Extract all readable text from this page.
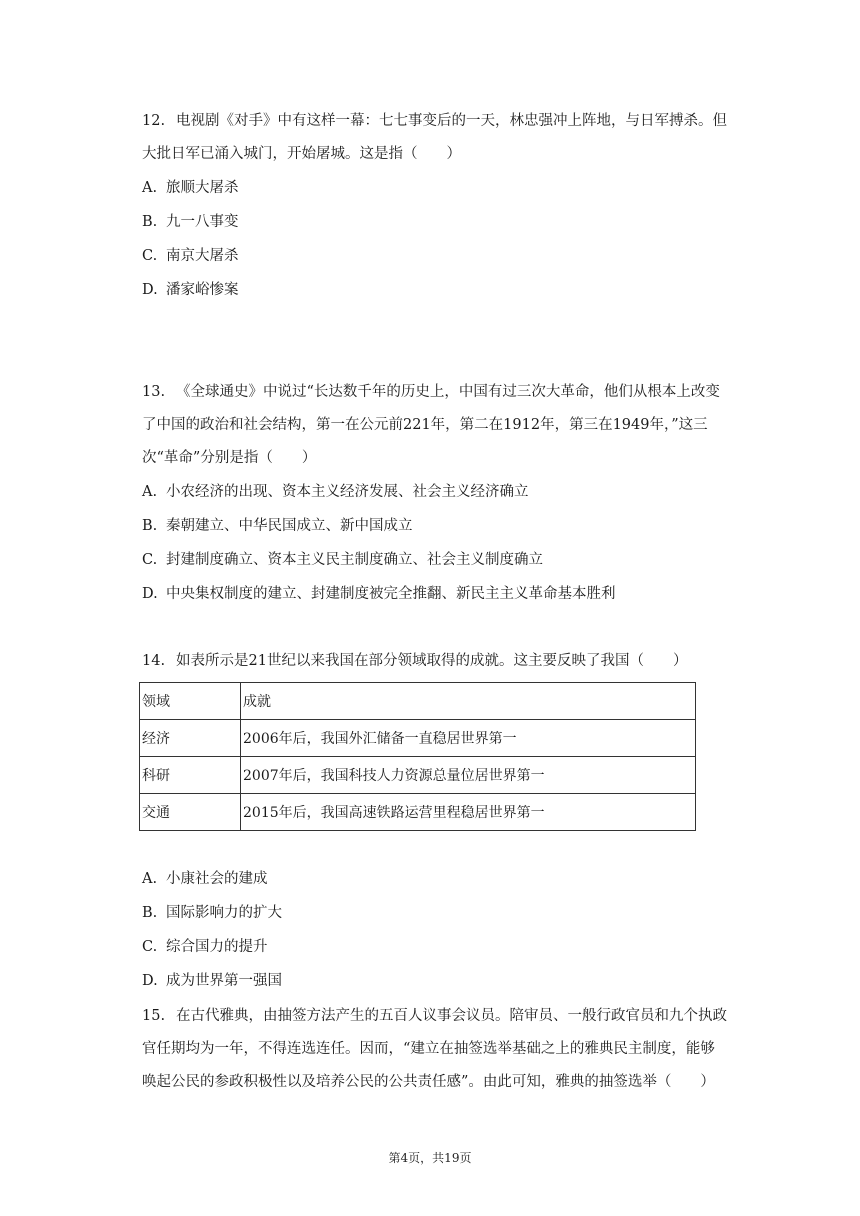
12. 电视剧《对手》中有这样一幕：七七事变后的一天，林忠强冲上阵地，与日军搏杀。但

大批日军已涌入城门，开始屠城。这是指（　　）

A. 旅顺大屠杀

B. 九一八事变

C. 南京大屠杀

D. 潘家峪惨案

13. 《全球通史》中说过“长达数千年的历史上，中国有过三次大革命，他们从根本上改变

了中国的政治和社会结构，第一在公元前221年，第二在1912年，第三在1949年，”这三

次“革命”分别是指（　　）

A. 小农经济的出现、资本主义经济发展、社会主义经济确立

B. 秦朝建立、中华民国成立、新中国成立

C. 封建制度确立、资本主义民主制度确立、社会主义制度确立

D. 中央集权制度的建立、封建制度被完全推翻、新民主主义革命基本胜利

14. 如表所示是21世纪以来我国在部分领域取得的成就。这主要反映了我国（　　）

领域	成就
经济	2006年后，我国外汇储备一直稳居世界第一
科研	2007年后，我国科技人力资源总量位居世界第一
交通	2015年后，我国高速铁路运营里程稳居世界第一

A. 小康社会的建成

B. 国际影响力的扩大

C. 综合国力的提升

D. 成为世界第一强国

15. 在古代雅典，由抽签方法产生的五百人议事会议员。陪审员、一般行政官员和九个执政

官任期均为一年，不得连选连任。因而，“建立在抽签选举基础之上的雅典民主制度，能够

唤起公民的参政积极性以及培养公民的公共责任感”。由此可知，雅典的抽签选举（　　）

第4页，共19页
